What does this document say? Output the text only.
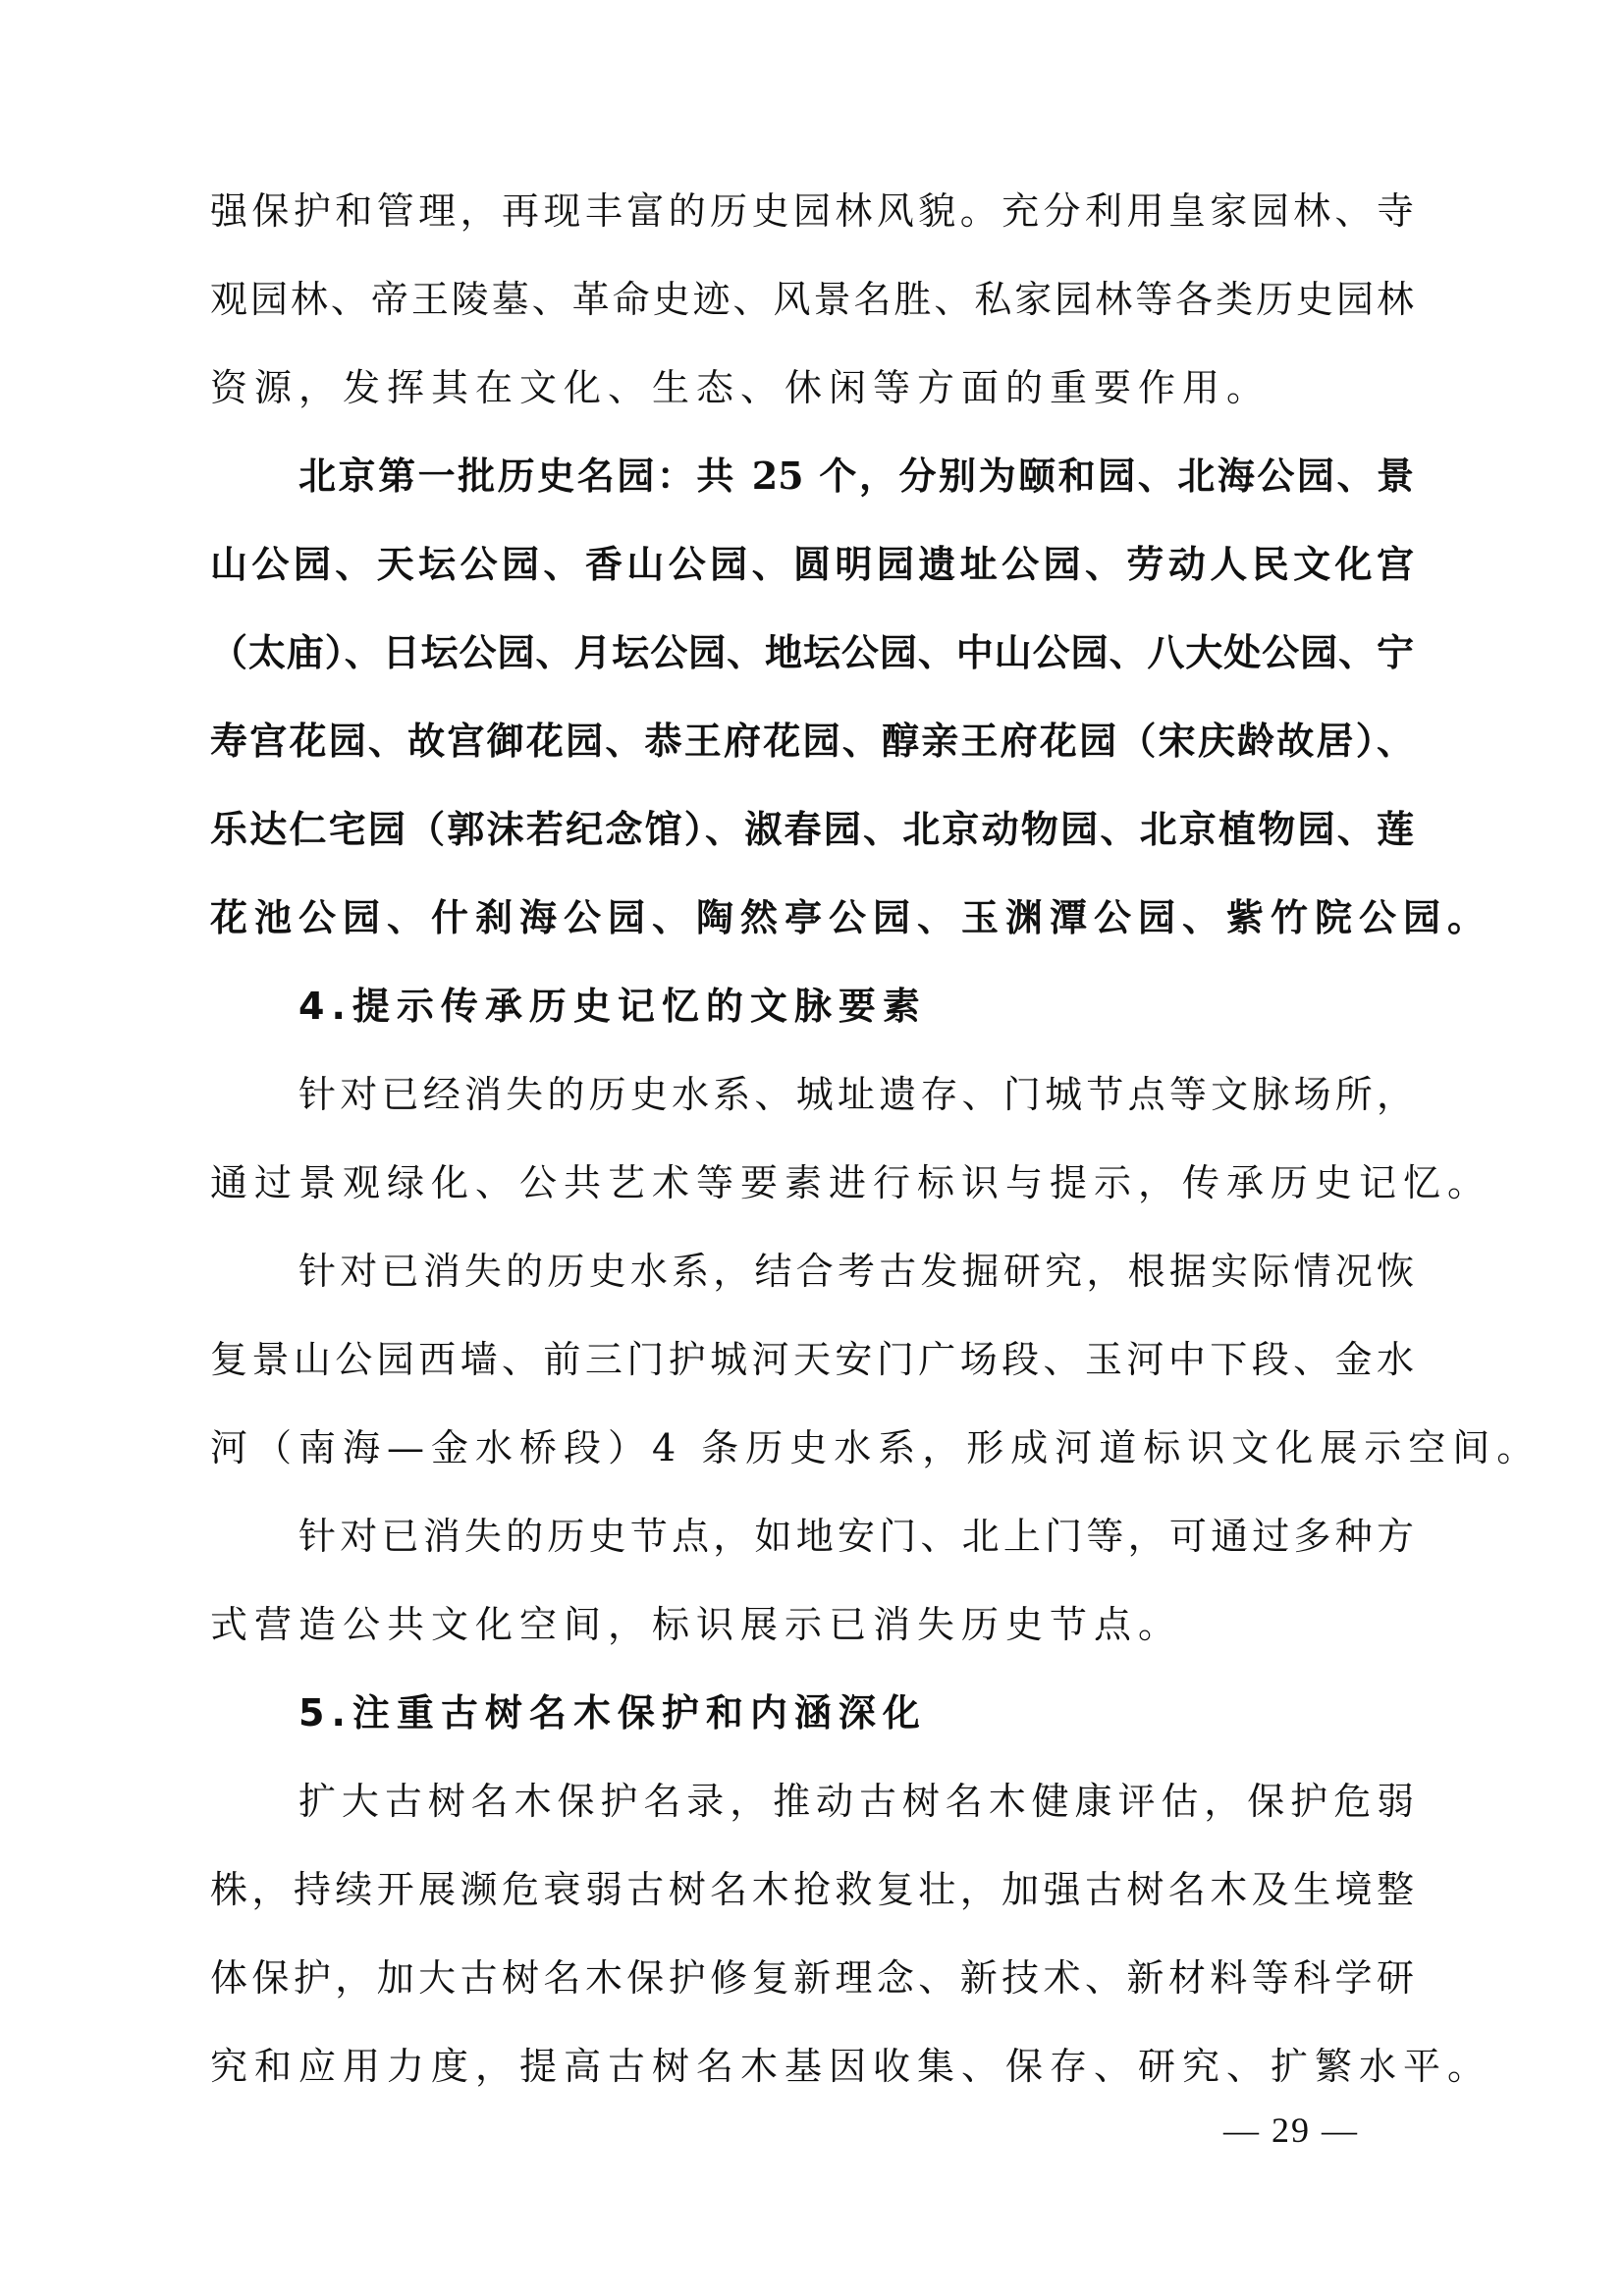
强保护和管理，再现丰富的历史园林风貌。充分利用皇家园林、寺
观园林、帝王陵墓、革命史迹、风景名胜、私家园林等各类历史园林
资源，发挥其在文化、生态、休闲等方面的重要作用。
北京第一批历史名园：共 25 个，分别为颐和园、北海公园、景
山公园、天坛公园、香山公园、圆明园遗址公园、劳动人民文化宫
（太庙）、日坛公园、月坛公园、地坛公园、中山公园、八大处公园、宁
寿宫花园、故宫御花园、恭王府花园、醇亲王府花园（宋庆龄故居）、
乐达仁宅园（郭沫若纪念馆）、淑春园、北京动物园、北京植物园、莲
花池公园、什刹海公园、陶然亭公园、玉渊潭公园、紫竹院公园。
4.提示传承历史记忆的文脉要素
针对已经消失的历史水系、城址遗存、门城节点等文脉场所，
通过景观绿化、公共艺术等要素进行标识与提示，传承历史记忆。
针对已消失的历史水系，结合考古发掘研究，根据实际情况恢
复景山公园西墙、前三门护城河天安门广场段、玉河中下段、金水
河（南海—金水桥段）4 条历史水系，形成河道标识文化展示空间。
针对已消失的历史节点，如地安门、北上门等，可通过多种方
式营造公共文化空间，标识展示已消失历史节点。
5.注重古树名木保护和内涵深化
扩大古树名木保护名录，推动古树名木健康评估，保护危弱
株，持续开展濒危衰弱古树名木抢救复壮，加强古树名木及生境整
体保护，加大古树名木保护修复新理念、新技术、新材料等科学研
究和应用力度，提高古树名木基因收集、保存、研究、扩繁水平。
— 29 —
